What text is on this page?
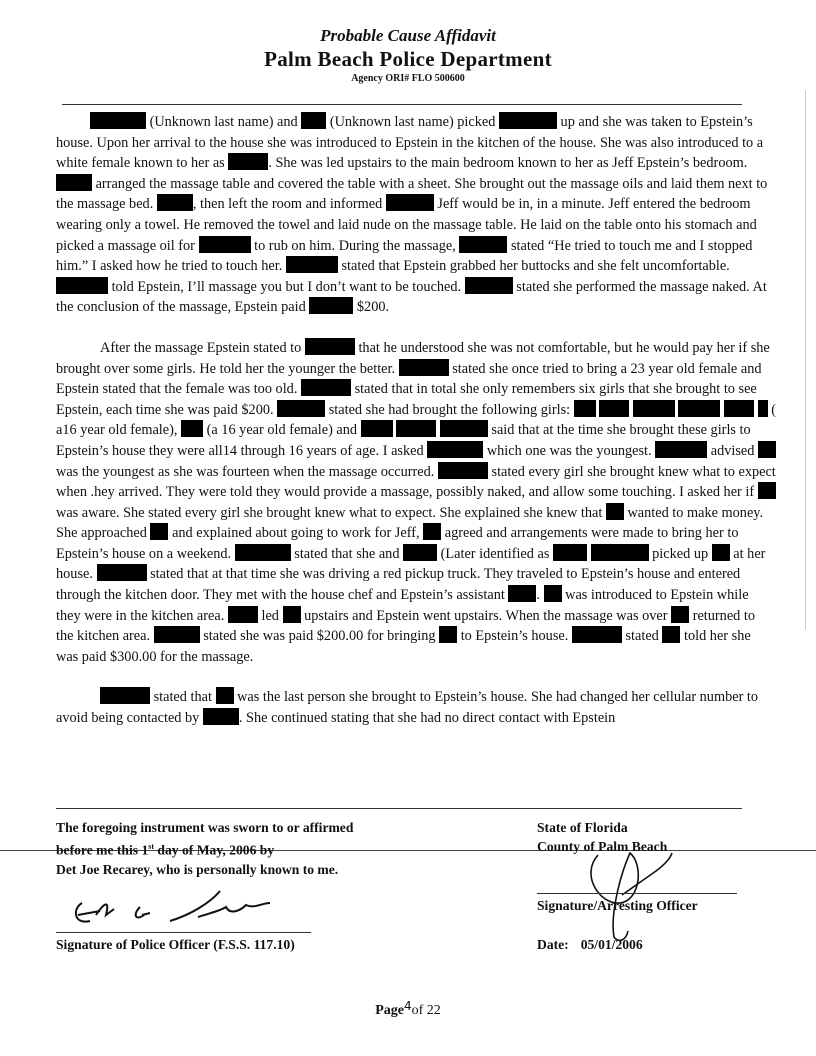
Probable Cause Affidavit
Palm Beach Police Department
Agency ORI# FLO 500600

(Unknown last name) and (Unknown last name) picked	up and she was taken to Epstein’s house. Upon her arrival to the house she was introduced to Epstein in the kitchen of the house. She was also introduced to a white female known to her as	. She was led upstairs to the main bedroom known to her as Jeff Epstein’s bedroom.  arranged the massage table and covered the table with a sheet. She brought out the massage oils and laid them next to the massage bed.	, then left the room and informed	Jeff would be in, in a minute. Jeff entered the bedroom wearing only a towel. He removed the towel and laid nude on the massage table. He laid on the table onto his stomach and picked a massage oil for	to rub on him. During the massage,	stated “He tried to touch me and I stopped him.” I asked how he tried to touch her.	stated that Epstein grabbed her buttocks and she felt uncomfortable.  told Epstein, I’ll massage you but I don’t want to be touched.	stated she performed the massage naked. At the conclusion of the massage, Epstein paid	$200.

After the massage Epstein stated to	that he understood she was not comfortable, but he would pay her if she brought over some girls. He told her the younger the better.	stated she once tried to bring a 23 year old female and Epstein stated that the female was too old.	stated that in total she only remembers six girls that she brought to see Epstein, each time she was paid $200.	stated she had brought the following girls:	( a16 year old female), (a 16 year old female) and	said that at the time she brought these girls to Epstein’s house they were all14 through 16 years of age. I asked	which one was the youngest.	advised  was the youngest as she was fourteen when the massage occurred.	stated every girl she brought knew what to expect when .hey arrived. They were told they would provide a massage, possibly naked, and allow some touching. I asked her if  was aware. She stated every girl she brought knew what to expect. She explained she knew that wanted to make money. She approached and explained about going to work for Jeff, agreed and arrangements were made to bring her to Epstein’s house on a weekend.	stated that she and	(Later identified as	picked up at her house.	stated that at that time she was driving a red pickup truck. They traveled to Epstein’s house and entered through the kitchen door. They met with the house chef and Epstein’s assistant . was introduced to Epstein while they were in the kitchen area.	led upstairs and Epstein went upstairs. When the massage was over returned to the kitchen area.	stated she was paid $200.00 for bringing to Epstein’s house.	stated told her she was paid $300.00 for the massage.

stated that was the last person she brought to Epstein’s house. She had changed her cellular number to avoid being contacted by	. She continued stating that she had no direct contact with Epstein

The foregoing instrument was sworn to or affirmed
before me this 1st day of May, 2006 by
Det Joe Recarey, who is personally known to me.
State of Florida
County of Palm Beach
Signature of Police Officer (F.S.S. 117.10)
Signature/Arresting Officer
Date: 05/01/2006
Page4of 22
